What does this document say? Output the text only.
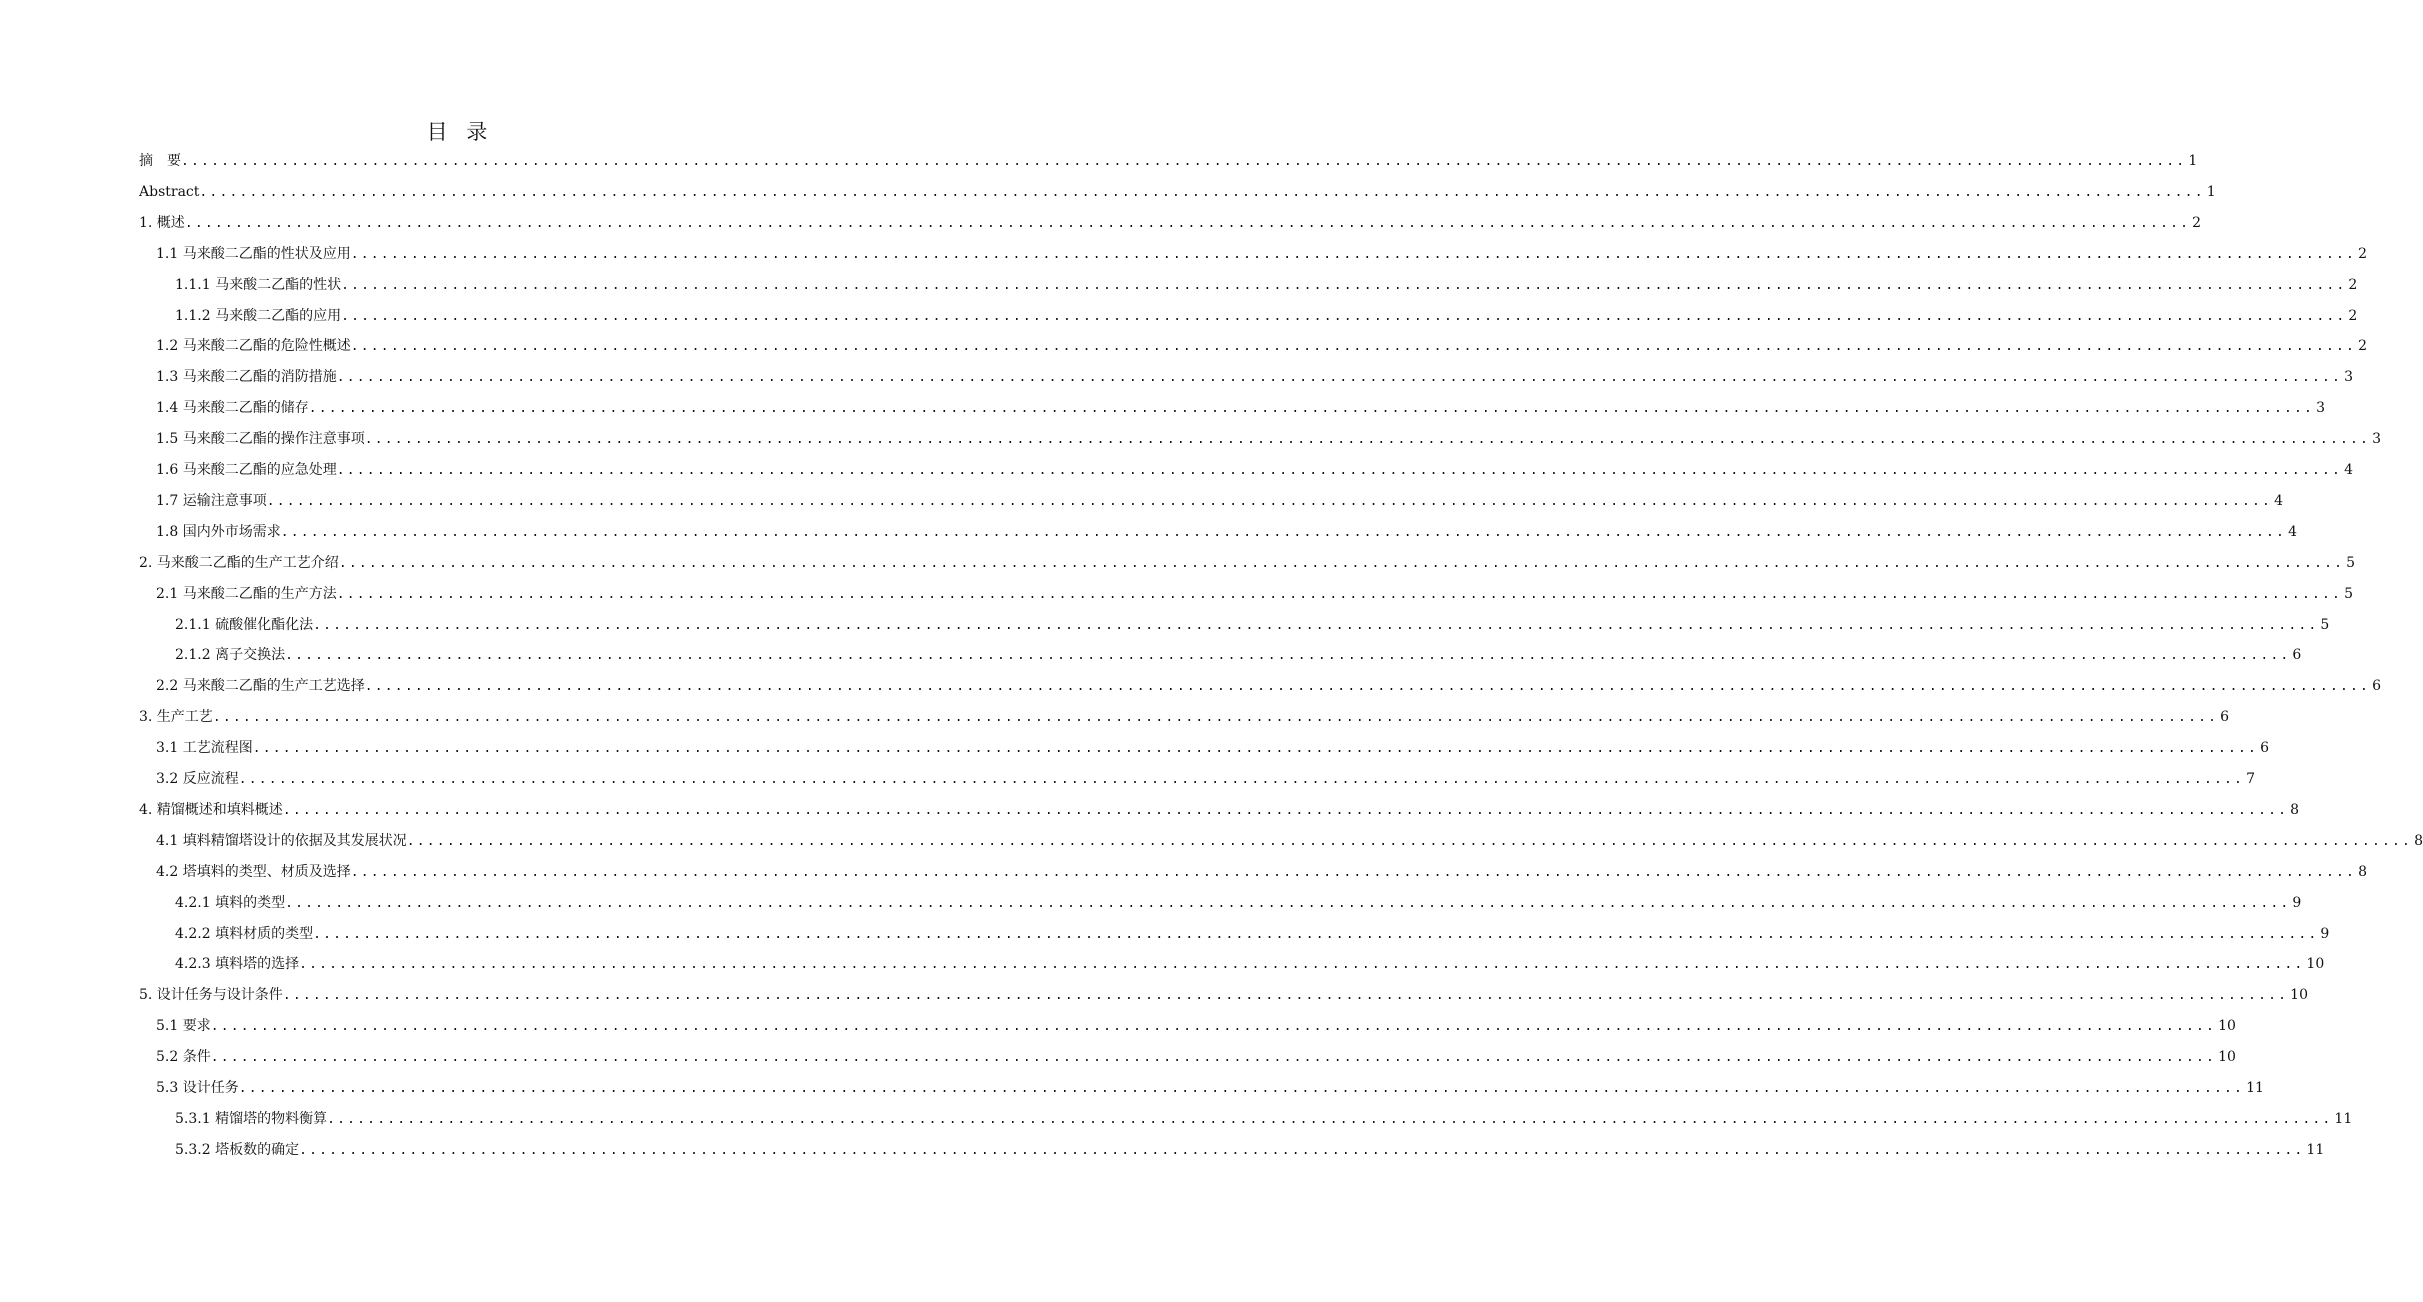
目 录
摘　要 ........................................................................................................................................................................................................ 1
Abstract ........................................................................................................................................................................................................ 1
1. 概述 ........................................................................................................................................................................................................ 2
1.1 马来酸二乙酯的性状及应用 ........................................................................................................................................................................................................ 2
1.1.1 马来酸二乙酯的性状 ........................................................................................................................................................................................................ 2
1.1.2 马来酸二乙酯的应用 ........................................................................................................................................................................................................ 2
1.2 马来酸二乙酯的危险性概述 ........................................................................................................................................................................................................ 2
1.3 马来酸二乙酯的消防措施 ........................................................................................................................................................................................................ 3
1.4 马来酸二乙酯的储存 ........................................................................................................................................................................................................ 3
1.5 马来酸二乙酯的操作注意事项 ........................................................................................................................................................................................................ 3
1.6 马来酸二乙酯的应急处理 ........................................................................................................................................................................................................ 4
1.7 运输注意事项 ........................................................................................................................................................................................................ 4
1.8 国内外市场需求 ........................................................................................................................................................................................................ 4
2. 马来酸二乙酯的生产工艺介绍 ........................................................................................................................................................................................................ 5
2.1 马来酸二乙酯的生产方法 ........................................................................................................................................................................................................ 5
2.1.1 硫酸催化酯化法 ........................................................................................................................................................................................................ 5
2.1.2 离子交换法 ........................................................................................................................................................................................................ 6
2.2 马来酸二乙酯的生产工艺选择 ........................................................................................................................................................................................................ 6
3. 生产工艺 ........................................................................................................................................................................................................ 6
3.1 工艺流程图 ........................................................................................................................................................................................................ 6
3.2 反应流程 ........................................................................................................................................................................................................ 7
4. 精馏概述和填料概述 ........................................................................................................................................................................................................ 8
4.1 填料精馏塔设计的依据及其发展状况 ........................................................................................................................................................................................................ 8
4.2 塔填料的类型、材质及选择 ........................................................................................................................................................................................................ 8
4.2.1 填料的类型 ........................................................................................................................................................................................................ 9
4.2.2 填料材质的类型 ........................................................................................................................................................................................................ 9
4.2.3 填料塔的选择 ........................................................................................................................................................................................................ 10
5. 设计任务与设计条件 ........................................................................................................................................................................................................ 10
5.1 要求 ........................................................................................................................................................................................................ 10
5.2 条件 ........................................................................................................................................................................................................ 10
5.3 设计任务 ........................................................................................................................................................................................................ 11
5.3.1 精馏塔的物料衡算 ........................................................................................................................................................................................................ 11
5.3.2 塔板数的确定 ........................................................................................................................................................................................................ 11
